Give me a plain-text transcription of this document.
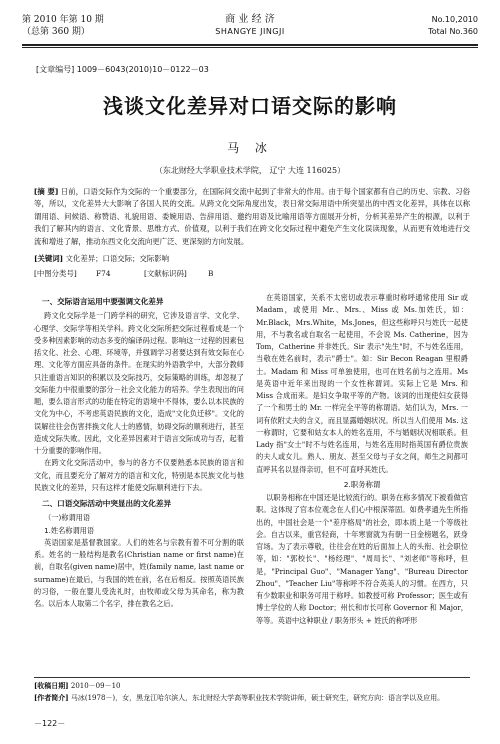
第 2010 年第 10 期
（总第 360 期）
商 业 经 济
SHANGYE JINGJI
No.10,2010
Total No.360
[文章编号] 1009－6043(2010)10－0122－03
浅谈文化差异对口语交际的影响
马 冰
（东北财经大学职业技术学院， 辽宁 大连 116025）
[摘 要] 日前，口语交际作为交际的一个重要部分，在国际间交流中起到了非常大的作用。由于每个国家都有自己的历史、宗教、习俗等，所以，文化差异大大影响了各国人民的交流。从跨文化交际角度出发，表日常交际用语中所突显出的中西文化差异，具体在以称谓用语、问候语、称赞语、礼貌用语、委婉用语、告辞用语、邀约用语及比喻用语等方面展开分析，分析其差异产生的根源，以利于我们了解其内的语言、文化背景、思维方式、价值观，以利于我们在跨文化交际过程中避免产生文化误读现象，从而更有效地进行交流和增进了解，推动东西文化交流向更广泛、更深刻的方向发展。
[关键词] 文化差异；口语交际；交际影响
[中图分类号]	F74	[文献标识码]	B

一、交际语言运用中要强调文化差异

跨文化交际学是一门跨学科的研究，它涉及语言学、文化学、心理学、交际学等相关学科。跨文化交际所把交际过程看成是一个受多种因素影响的动态多变的编译码过程。影响这一过程的因素包括文化、社会、心理、环境等，并强调学习者要达到有效交际在心理、文化等方面应具备的条件。在现实的外语教学中，大部分教师只注重语言知识的积累以及交际技巧，交际策略的训练，却忽视了交际能力中很重要的部分－社会文化能力的培养。学生表现出的问题，要么语言形式的功能在特定的语境中不得体，要么以本民族的文化为中心，不考虑英语民族的文化，造成"文化负迁移"。文化的误解往往会伤害拌换文化人士的感情，妨碍交际的顺利进行，甚至造成交际失败。因此，文化差异因素对于语言交际成功与否，起着十分重要的影响作用。

在跨文化交际活动中，参与的各方不仅要熟悉本民族的语言和文化，而且要充分了解对方的语言和文化，特别是本民族文化与他民族文化的差异，只有这样才能使交际顺利进行下去。

二、口语交际活动中突显出的文化差异

（一)称谓用语

1.姓名称谓用语

英语国家是基督教国家。人们的姓名与宗教有着不可分割的联系。姓名的一般结构是教名(Christian name or first name)在前，自取名(given name)居中，姓(family name, last name or surname)在最后，与我国的姓在前，名在后相反。按照英语民族的习俗，一般在婴儿受洗礼时，由牧师或父母为其命名，称为教名。以后本人取第二个名字，排在教名之后。

在英语国家，关系不太密切或表示尊重时称呼通常使用 Sir 或 Madam，或使用 Mr.、Mrs.、Miss 或 Ms.加姓氏，如：Mr.Black，Mrs.White，Ms.Jones，但这些称呼只与姓氏一起使用，不与教名或自取名一起使用，不会说 Ms. Catherine，因为 Tom，Catherine 并非姓氏。Sir 表示"先生"时，不与姓名连用，当敬在姓名前时，表示"爵士"。如：Sir Becon Reagan 里根爵士。Madam 和 Miss 可单独使用，也可在姓名前与之连用。Ms 是英语中近年来出现的一个女性称谓词。实际上它是 Mrs. 和 Miss 合成而来。是妇女争取平等的产物。该词的出现使妇女获得了一个和男士的 Mr. 一样完全平等的称谓语。姑们认为，Mrs. 一词有依附丈夫的含义，而且显露婚姻状况。所以当人们使用 Ms. 这一称谓时，它要和姑女本人的姓名连用，不与婚姻状况相联系。但 Lady 指"女士"时不与姓名连用，与姓名连用时指英国有爵位贵族的夫人或女儿。熟人、朋友、甚至父母与子女之间，师生之间都可直呼其名以显得亲切，但不可直呼其姓氏。

2.职务称谓

以职务相称在中国还是比较流行的。职务在称多情况下被看做官职。这体现了官本位观念在人们心中根深蒂固。如费孝通先生所指出的，中国社会是一个"差序格局"的社会，即本质上是一个等级社会。自古以来，重官轻商，十年寒窗就为有朝一日金榜题名，跃身官场。为了表示尊敬，往往会在姓的后面加上人的头衔、社会职位等，如："郭校长"、"杨经理"、"周局长"、"刘老师"等称呼，但是，"Principal Guo"、"Manager Yang"、"Bureau Director Zhou"、"Teacher Liu"等称呼不符合英美人的习惯。在西方，只有少数职业和职务可用于称呼。如教授可称 Professor；医生或有博士学位的人称 Doctor；州长和市长可称 Governor 和 Major，等等。英语中这种职业 / 职务形头 + 姓氏的称呼形

[收稿日期] 2010－09－10
[作者简介] 马冰(1978－)，女，黑龙江哈尔滨人，东北财经大学高等职业技术学院讲师，硕士研究生，研究方向：语言学以及应用。
－122－
